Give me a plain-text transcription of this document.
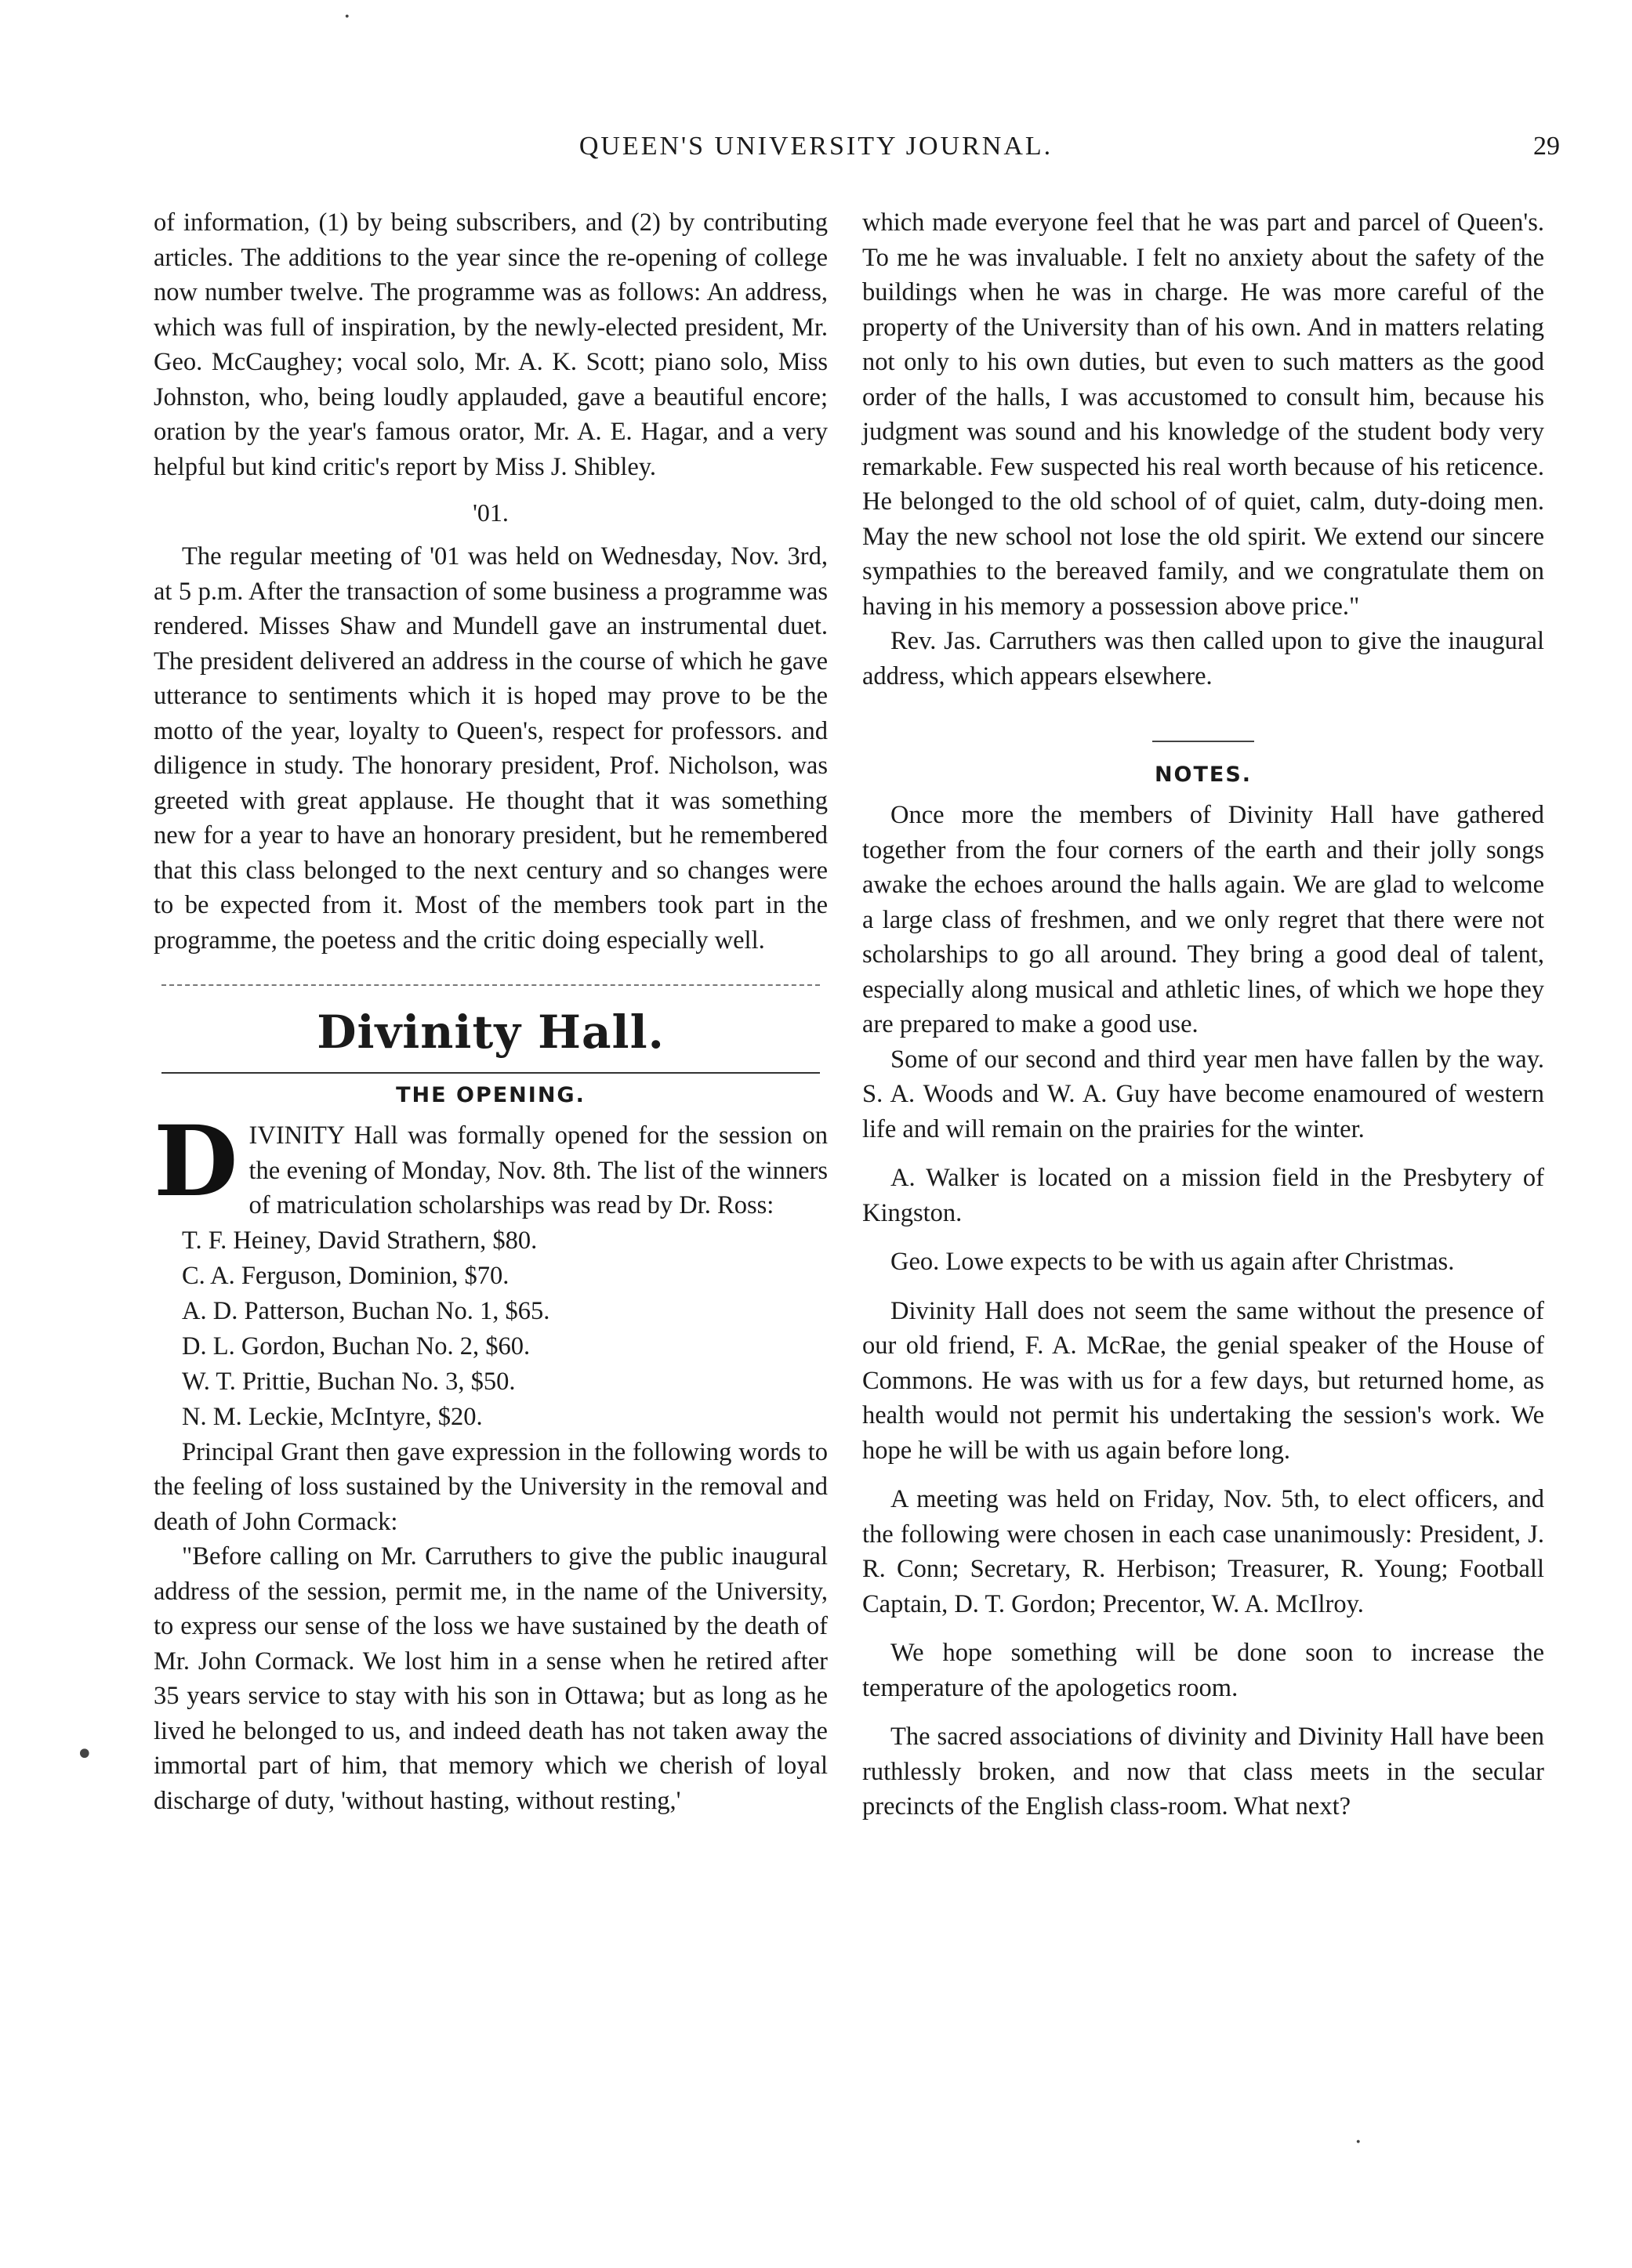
QUEEN'S UNIVERSITY JOURNAL.	29

of information, (1) by being subscribers, and (2) by contributing articles. The additions to the year since the re-opening of college now number twelve. The programme was as follows: An address, which was full of inspiration, by the newly-elected president, Mr. Geo. McCaughey; vocal solo, Mr. A. K. Scott; piano solo, Miss Johnston, who, being loudly applauded, gave a beautiful encore; oration by the year's famous orator, Mr. A. E. Hagar, and a very helpful but kind critic's report by Miss J. Shibley.

'01.

The regular meeting of '01 was held on Wednesday, Nov. 3rd, at 5 p.m. After the transaction of some business a programme was rendered. Misses Shaw and Mundell gave an instrumental duet. The president delivered an address in the course of which he gave utterance to sentiments which it is hoped may prove to be the motto of the year, loyalty to Queen's, respect for professors. and diligence in study. The honorary president, Prof. Nicholson, was greeted with great applause. He thought that it was something new for a year to have an honorary president, but he remembered that this class belonged to the next century and so changes were to be expected from it. Most of the members took part in the programme, the poetess and the critic doing especially well.

Divinity Hall.
THE OPENING.

DIVINITY Hall was formally opened for the session on the evening of Monday, Nov. 8th. The list of the winners of matriculation scholarships was read by Dr. Ross:

T. F. Heiney, David Strathern, $80.
C. A. Ferguson, Dominion, $70.
A. D. Patterson, Buchan No. 1, $65.
D. L. Gordon, Buchan No. 2, $60.
W. T. Prittie, Buchan No. 3, $50.
N. M. Leckie, McIntyre, $20.

Principal Grant then gave expression in the following words to the feeling of loss sustained by the University in the removal and death of John Cormack:

"Before calling on Mr. Carruthers to give the public inaugural address of the session, permit me, in the name of the University, to express our sense of the loss we have sustained by the death of Mr. John Cormack. We lost him in a sense when he retired after 35 years service to stay with his son in Ottawa; but as long as he lived he belonged to us, and indeed death has not taken away the immortal part of him, that memory which we cherish of loyal discharge of duty, 'without hasting, without resting,'

which made everyone feel that he was part and parcel of Queen's. To me he was invaluable. I felt no anxiety about the safety of the buildings when he was in charge. He was more careful of the property of the University than of his own. And in matters relating not only to his own duties, but even to such matters as the good order of the halls, I was accustomed to consult him, because his judgment was sound and his knowledge of the student body very remarkable. Few suspected his real worth because of his reticence. He belonged to the old school of of quiet, calm, duty-doing men. May the new school not lose the old spirit. We extend our sincere sympathies to the bereaved family, and we congratulate them on having in his memory a possession above price."

Rev. Jas. Carruthers was then called upon to give the inaugural address, which appears elsewhere.

NOTES.

Once more the members of Divinity Hall have gathered together from the four corners of the earth and their jolly songs awake the echoes around the halls again. We are glad to welcome a large class of freshmen, and we only regret that there were not scholarships to go all around. They bring a good deal of talent, especially along musical and athletic lines, of which we hope they are prepared to make a good use.

Some of our second and third year men have fallen by the way. S. A. Woods and W. A. Guy have become enamoured of western life and will remain on the prairies for the winter.

A. Walker is located on a mission field in the Presbytery of Kingston.

Geo. Lowe expects to be with us again after Christmas.

Divinity Hall does not seem the same without the presence of our old friend, F. A. McRae, the genial speaker of the House of Commons. He was with us for a few days, but returned home, as health would not permit his undertaking the session's work. We hope he will be with us again before long.

A meeting was held on Friday, Nov. 5th, to elect officers, and the following were chosen in each case unanimously: President, J. R. Conn; Secretary, R. Herbison; Treasurer, R. Young; Football Captain, D. T. Gordon; Precentor, W. A. McIlroy.

We hope something will be done soon to increase the temperature of the apologetics room.

The sacred associations of divinity and Divinity Hall have been ruthlessly broken, and now that class meets in the secular precincts of the English class-room. What next?

·
•
·
